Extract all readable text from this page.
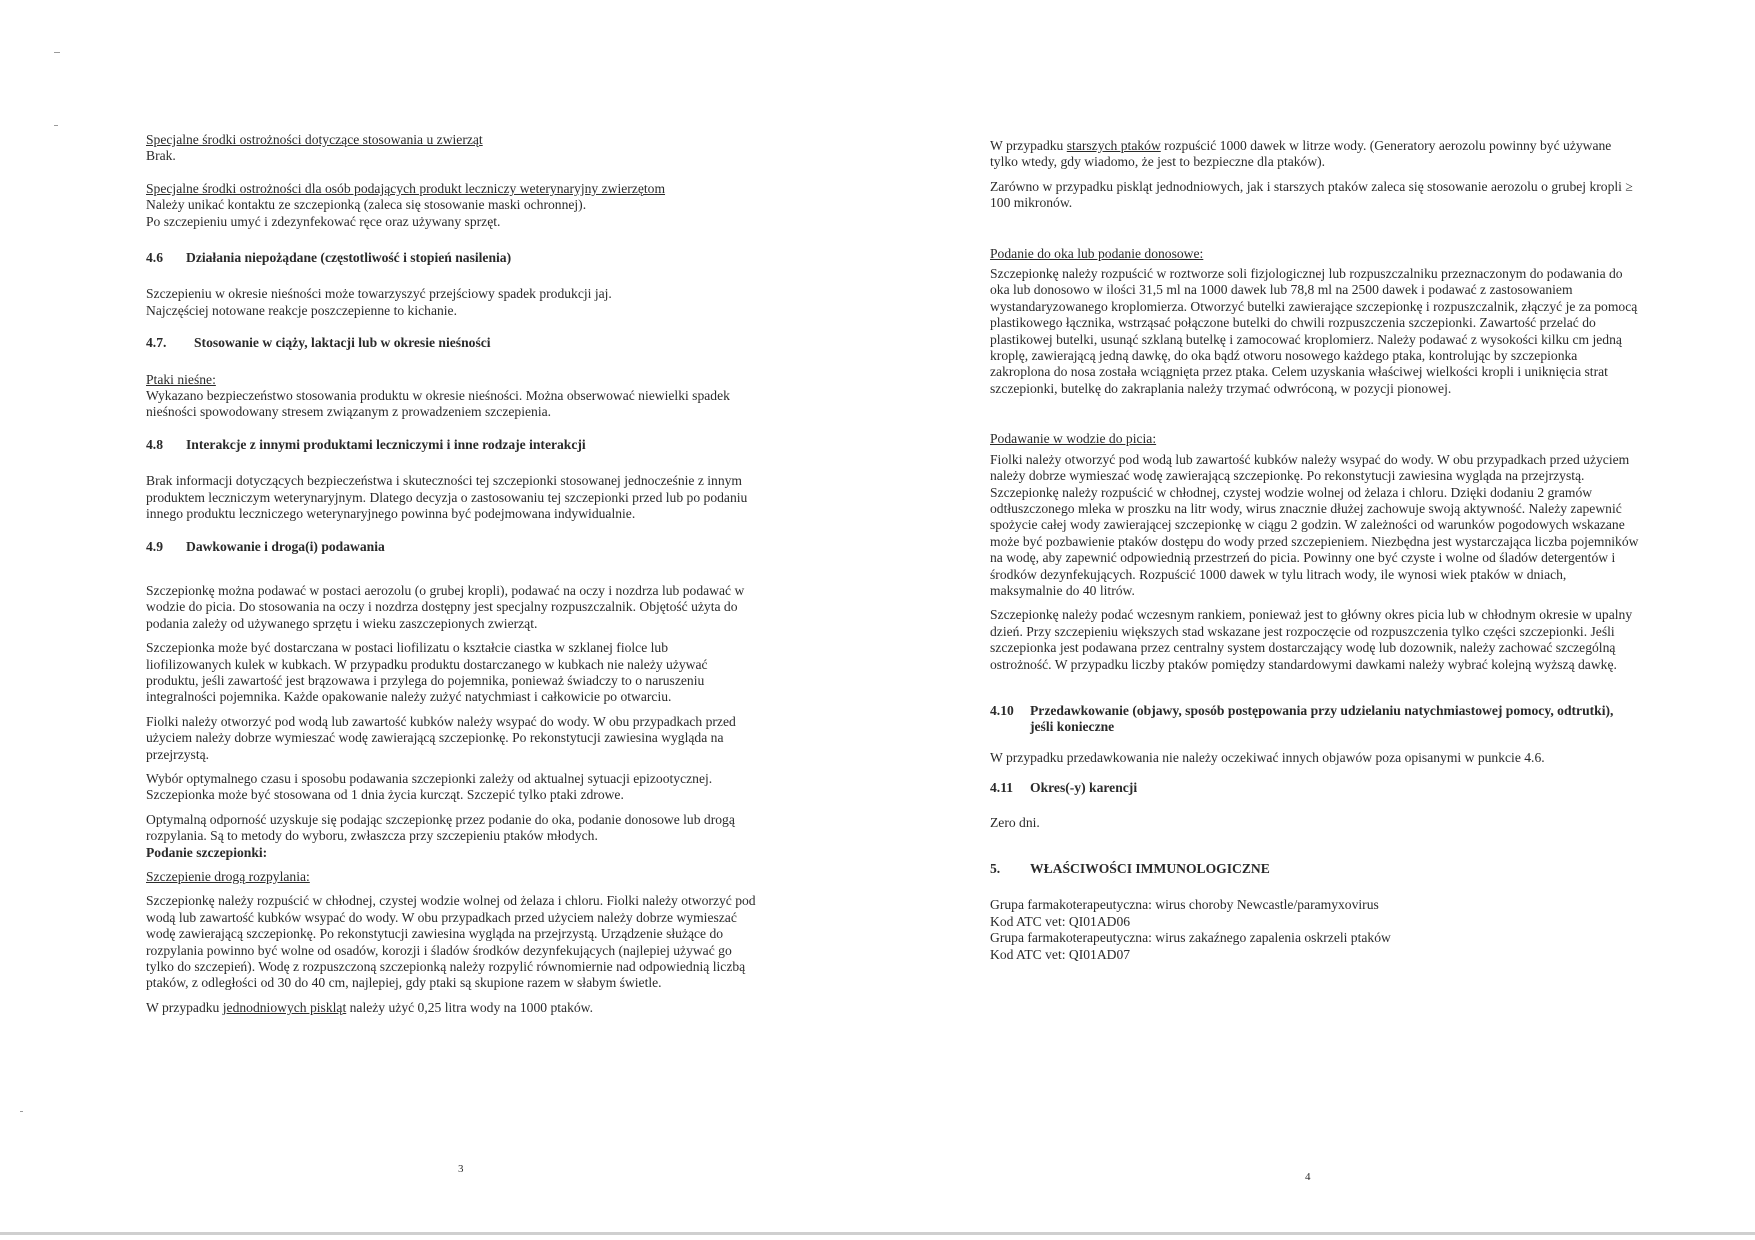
Specjalne środki ostrożności dotyczące stosowania u zwierząt

Brak.

Specjalne środki ostrożności dla osób podających produkt leczniczy weterynaryjny zwierzętom

Należy unikać kontaktu ze szczepionką (zaleca się stosowanie maski ochronnej).

Po szczepieniu umyć i zdezynfekować ręce oraz używany sprzęt.

4.6	Działania niepożądane (częstotliwość i stopień nasilenia)

Szczepieniu w okresie nieśności może towarzyszyć przejściowy spadek produkcji jaj.

Najczęściej notowane reakcje poszczepienne to kichanie.

4.7.	Stosowanie w ciąży, laktacji lub w okresie nieśności

Ptaki nieśne:

Wykazano bezpieczeństwo stosowania produktu w okresie nieśności. Można obserwować niewielki spadek nieśności spowodowany stresem związanym z prowadzeniem szczepienia.

4.8	Interakcje z innymi produktami leczniczymi i inne rodzaje interakcji

Brak informacji dotyczących bezpieczeństwa i skuteczności tej szczepionki stosowanej jednocześnie z innym produktem leczniczym weterynaryjnym. Dlatego decyzja o zastosowaniu tej szczepionki przed lub po podaniu innego produktu leczniczego weterynaryjnego powinna być podejmowana indywidualnie.

4.9	Dawkowanie i droga(i) podawania

Szczepionkę można podawać w postaci aerozolu (o grubej kropli), podawać na oczy i nozdrza lub podawać w wodzie do picia. Do stosowania na oczy i nozdrza dostępny jest specjalny rozpuszczalnik. Objętość użyta do podania zależy od używanego sprzętu i wieku zaszczepionych zwierząt.

Szczepionka może być dostarczana w postaci liofilizatu o kształcie ciastka w szklanej fiolce lub liofilizowanych kulek w kubkach. W przypadku produktu dostarczanego w kubkach nie należy używać produktu, jeśli zawartość jest brązowawa i przylega do pojemnika, ponieważ świadczy to o naruszeniu integralności pojemnika. Każde opakowanie należy zużyć natychmiast i całkowicie po otwarciu.

Fiolki należy otworzyć pod wodą lub zawartość kubków należy wsypać do wody. W obu przypadkach przed użyciem należy dobrze wymieszać wodę zawierającą szczepionkę. Po rekonstytucji zawiesina wygląda na przejrzystą.

Wybór optymalnego czasu i sposobu podawania szczepionki zależy od aktualnej sytuacji epizootycznej. Szczepionka może być stosowana od 1 dnia życia kurcząt. Szczepić tylko ptaki zdrowe.

Optymalną odporność uzyskuje się podając szczepionkę przez podanie do oka, podanie donosowe lub drogą rozpylania. Są to metody do wyboru, zwłaszcza przy szczepieniu ptaków młodych.

Podanie szczepionki:

Szczepienie drogą rozpylania:

Szczepionkę należy rozpuścić w chłodnej, czystej wodzie wolnej od żelaza i chloru. Fiolki należy otworzyć pod wodą lub zawartość kubków wsypać do wody. W obu przypadkach przed użyciem należy dobrze wymieszać wodę zawierającą szczepionkę. Po rekonstytucji zawiesina wygląda na przejrzystą. Urządzenie służące do rozpylania powinno być wolne od osadów, korozji i śladów środków dezynfekujących (najlepiej używać go tylko do szczepień). Wodę z rozpuszczoną szczepionką należy rozpylić równomiernie nad odpowiednią liczbą ptaków, z odległości od 30 do 40 cm, najlepiej, gdy ptaki są skupione razem w słabym świetle.

W przypadku jednodniowych piskląt należy użyć 0,25 litra wody na 1000 ptaków.

3

W przypadku starszych ptaków rozpuścić 1000 dawek w litrze wody. (Generatory aerozolu powinny być używane tylko wtedy, gdy wiadomo, że jest to bezpieczne dla ptaków).

Zarówno w przypadku piskląt jednodniowych, jak i starszych ptaków zaleca się stosowanie aerozolu o grubej kropli ≥ 100 mikronów.

Podanie do oka lub podanie donosowe:

Szczepionkę należy rozpuścić w roztworze soli fizjologicznej lub rozpuszczalniku przeznaczonym do podawania do oka lub donosowo w ilości 31,5 ml na 1000 dawek lub 78,8 ml na 2500 dawek i podawać z zastosowaniem wystandaryzowanego kroplomierza. Otworzyć butelki zawierające szczepionkę i rozpuszczalnik, złączyć je za pomocą plastikowego łącznika, wstrząsać połączone butelki do chwili rozpuszczenia szczepionki. Zawartość przelać do plastikowej butelki, usunąć szklaną butelkę i zamocować kroplomierz. Należy podawać z wysokości kilku cm jedną kroplę, zawierającą jedną dawkę, do oka bądź otworu nosowego każdego ptaka, kontrolując by szczepionka zakroplona do nosa została wciągnięta przez ptaka. Celem uzyskania właściwej wielkości kropli i uniknięcia strat szczepionki, butelkę do zakraplania należy trzymać odwróconą, w pozycji pionowej.

Podawanie w wodzie do picia:

Fiolki należy otworzyć pod wodą lub zawartość kubków należy wsypać do wody. W obu przypadkach przed użyciem należy dobrze wymieszać wodę zawierającą szczepionkę. Po rekonstytucji zawiesina wygląda na przejrzystą. Szczepionkę należy rozpuścić w chłodnej, czystej wodzie wolnej od żelaza i chloru. Dzięki dodaniu 2 gramów odtłuszczonego mleka w proszku na litr wody, wirus znacznie dłużej zachowuje swoją aktywność. Należy zapewnić spożycie całej wody zawierającej szczepionkę w ciągu 2 godzin. W zależności od warunków pogodowych wskazane może być pozbawienie ptaków dostępu do wody przed szczepieniem. Niezbędna jest wystarczająca liczba pojemników na wodę, aby zapewnić odpowiednią przestrzeń do picia. Powinny one być czyste i wolne od śladów detergentów i środków dezynfekujących. Rozpuścić 1000 dawek w tylu litrach wody, ile wynosi wiek ptaków w dniach, maksymalnie do 40 litrów.

Szczepionkę należy podać wczesnym rankiem, ponieważ jest to główny okres picia lub w chłodnym okresie w upalny dzień. Przy szczepieniu większych stad wskazane jest rozpoczęcie od rozpuszczenia tylko części szczepionki. Jeśli szczepionka jest podawana przez centralny system dostarczający wodę lub dozownik, należy zachować szczególną ostrożność. W przypadku liczby ptaków pomiędzy standardowymi dawkami należy wybrać kolejną wyższą dawkę.

4.10	Przedawkowanie (objawy, sposób postępowania przy udzielaniu natychmiastowej pomocy, odtrutki), jeśli konieczne

W przypadku przedawkowania nie należy oczekiwać innych objawów poza opisanymi w punkcie 4.6.

4.11	Okres(-y) karencji

Zero dni.

5.	WŁAŚCIWOŚCI IMMUNOLOGICZNE

Grupa farmakoterapeutyczna: wirus choroby Newcastle/paramyxovirus

Kod ATC vet: QI01AD06

Grupa farmakoterapeutyczna: wirus zakaźnego zapalenia oskrzeli ptaków

Kod ATC vet: QI01AD07

4
